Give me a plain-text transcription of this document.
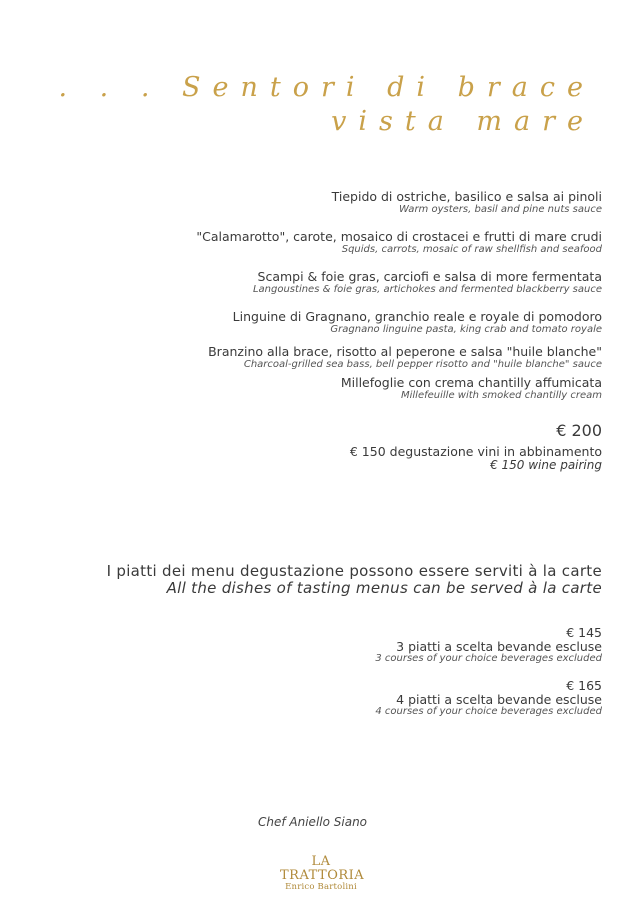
. . . Sentori di brace
vista mare
Tiepido di ostriche, basilico e salsa ai pinoli
Warm oysters, basil and pine nuts sauce
"Calamarotto", carote, mosaico di crostacei e frutti di mare crudi
Squids, carrots, mosaic of raw shellfish and seafood
Scampi & foie gras, carciofi e salsa di more fermentata
Langoustines & foie gras, artichokes and fermented blackberry sauce
Linguine di Gragnano, granchio reale e royale di pomodoro
Gragnano linguine pasta, king crab and tomato royale
Branzino alla brace, risotto al peperone e salsa "huile blanche"
Charcoal-grilled sea bass, bell pepper risotto and "huile blanche" sauce
Millefoglie con crema chantilly affumicata
Millefeuille with smoked chantilly cream
€ 200
€ 150 degustazione vini in abbinamento
€ 150 wine pairing
I piatti dei menu degustazione possono essere serviti à la carte
All the dishes of tasting menus can be served à la carte
€ 145
3 piatti a scelta bevande escluse
3 courses of your choice beverages excluded
€ 165
4 piatti a scelta bevande escluse
4 courses of your choice beverages excluded
Chef Aniello Siano
LA TRATTORIA
Enrico Bartolini
